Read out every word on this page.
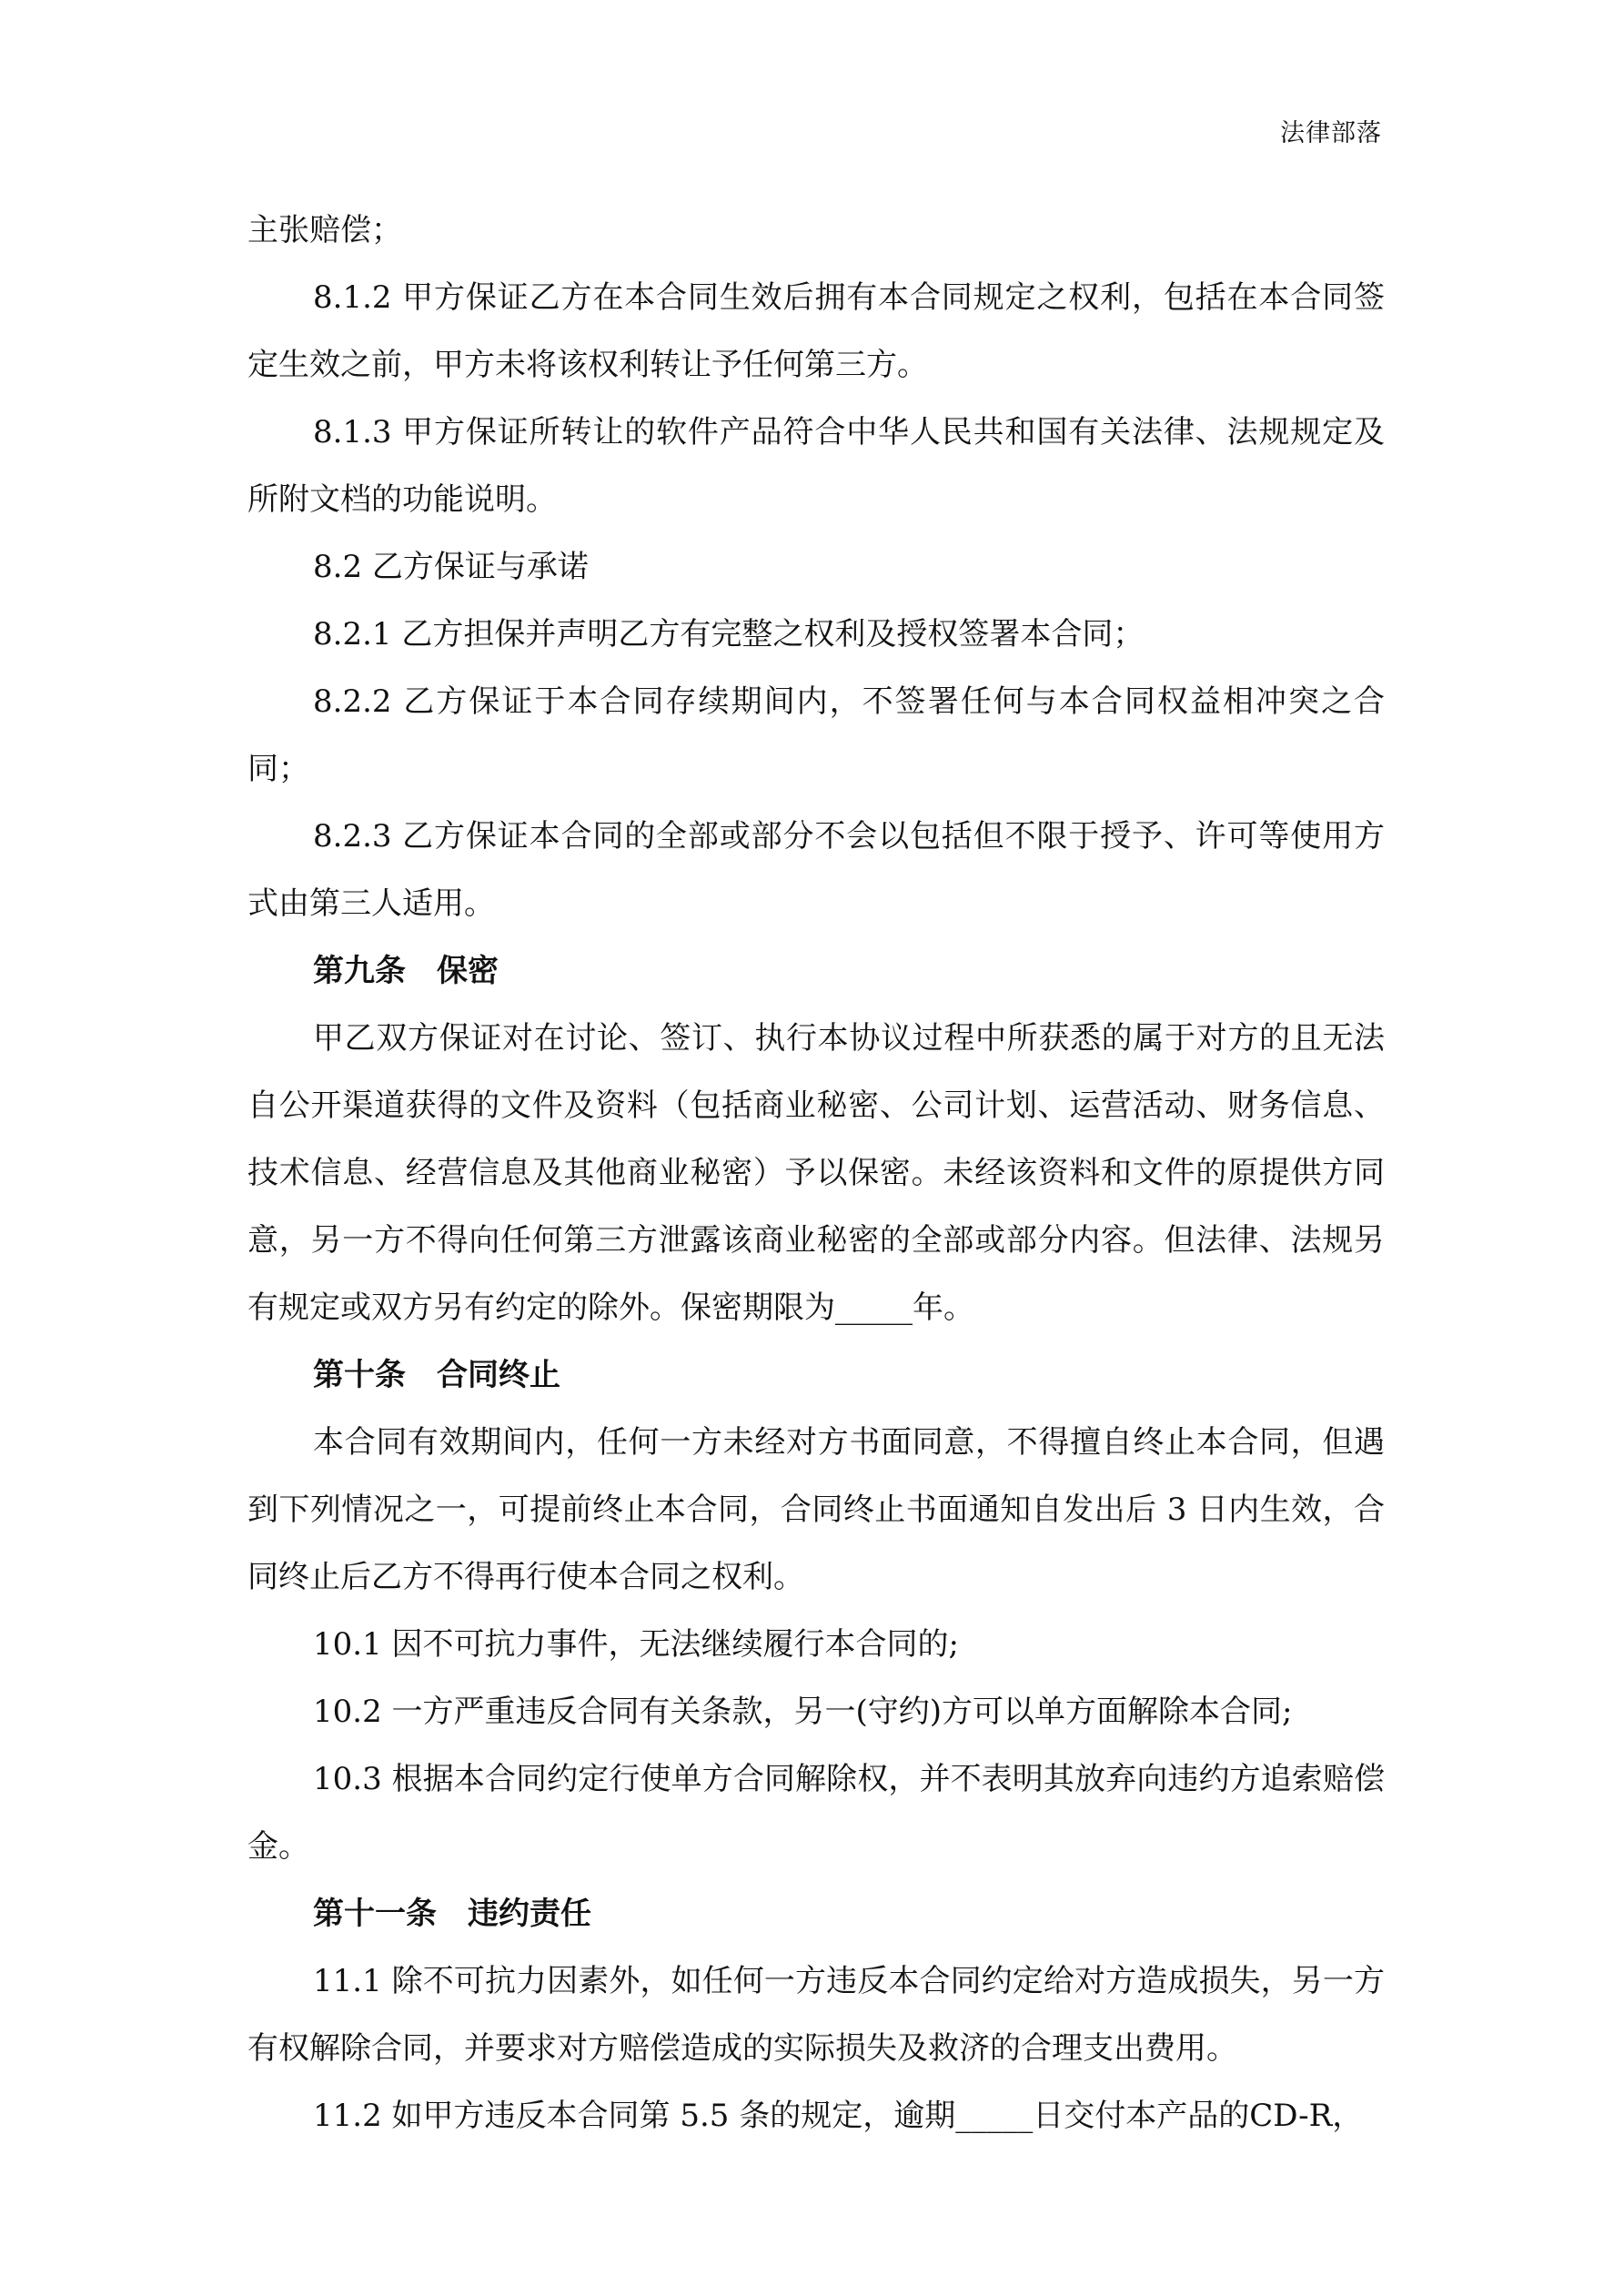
法律部落

主张赔偿；

8.1.2 甲方保证乙方在本合同生效后拥有本合同规定之权利，包括在本合同签定生效之前，甲方未将该权利转让予任何第三方。

8.1.3 甲方保证所转让的软件产品符合中华人民共和国有关法律、法规规定及所附文档的功能说明。

8.2 乙方保证与承诺

8.2.1 乙方担保并声明乙方有完整之权利及授权签署本合同；

8.2.2 乙方保证于本合同存续期间内，不签署任何与本合同权益相冲突之合同；

8.2.3 乙方保证本合同的全部或部分不会以包括但不限于授予、许可等使用方式由第三人适用。

第九条 保密

甲乙双方保证对在讨论、签订、执行本协议过程中所获悉的属于对方的且无法自公开渠道获得的文件及资料（包括商业秘密、公司计划、运营活动、财务信息、技术信息、经营信息及其他商业秘密）予以保密。未经该资料和文件的原提供方同意，另一方不得向任何第三方泄露该商业秘密的全部或部分内容。但法律、法规另有规定或双方另有约定的除外。保密期限为_____年。

第十条 合同终止

本合同有效期间内，任何一方未经对方书面同意，不得擅自终止本合同，但遇到下列情况之一，可提前终止本合同，合同终止书面通知自发出后 3 日内生效，合同终止后乙方不得再行使本合同之权利。

10.1 因不可抗力事件，无法继续履行本合同的;

10.2 一方严重违反合同有关条款，另一(守约)方可以单方面解除本合同;

10.3 根据本合同约定行使单方合同解除权，并不表明其放弃向违约方追索赔偿金。

第十一条 违约责任

11.1 除不可抗力因素外，如任何一方违反本合同约定给对方造成损失，另一方有权解除合同，并要求对方赔偿造成的实际损失及救济的合理支出费用。

11.2 如甲方违反本合同第 5.5 条的规定，逾期_____日交付本产品的CD-R，
